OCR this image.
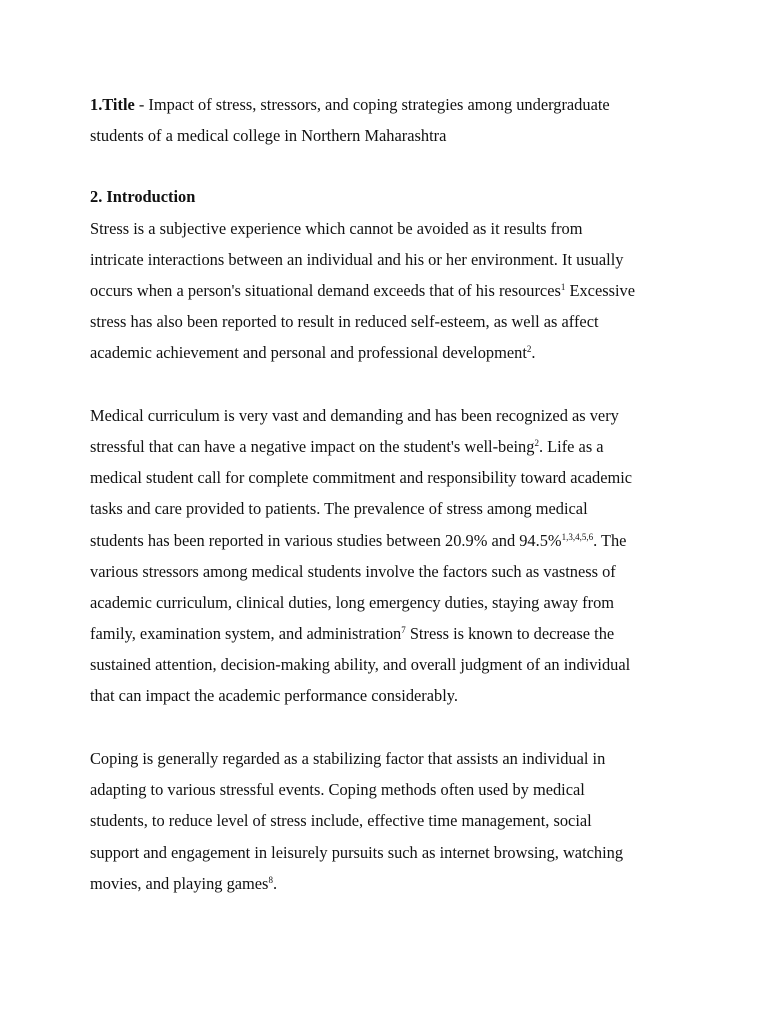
1.Title - Impact of stress, stressors, and coping strategies among undergraduate

students of a medical college in Northern Maharashtra

2. Introduction

Stress is a subjective experience which cannot be avoided as it results from

intricate interactions between an individual and his or her environment. It usually

occurs when a person's situational demand exceeds that of his resources$^1$ Excessive

stress has also been reported to result in reduced self-esteem, as well as affect

academic achievement and personal and professional development$^2$.

Medical curriculum is very vast and demanding and has been recognized as very

stressful that can have a negative impact on the student's well-being$^2$. Life as a

medical student call for complete commitment and responsibility toward academic

tasks and care provided to patients. The prevalence of stress among medical

students has been reported in various studies between 20.9% and 94.5%$^{1,3,4,5,6}$. The

various stressors among medical students involve the factors such as vastness of

academic curriculum, clinical duties, long emergency duties, staying away from

family, examination system, and administration$^7$ Stress is known to decrease the

sustained attention, decision-making ability, and overall judgment of an individual

that can impact the academic performance considerably.

Coping is generally regarded as a stabilizing factor that assists an individual in

adapting to various stressful events. Coping methods often used by medical

students, to reduce level of stress include, effective time management, social

support and engagement in leisurely pursuits such as internet browsing, watching

movies, and playing games$^8$.
